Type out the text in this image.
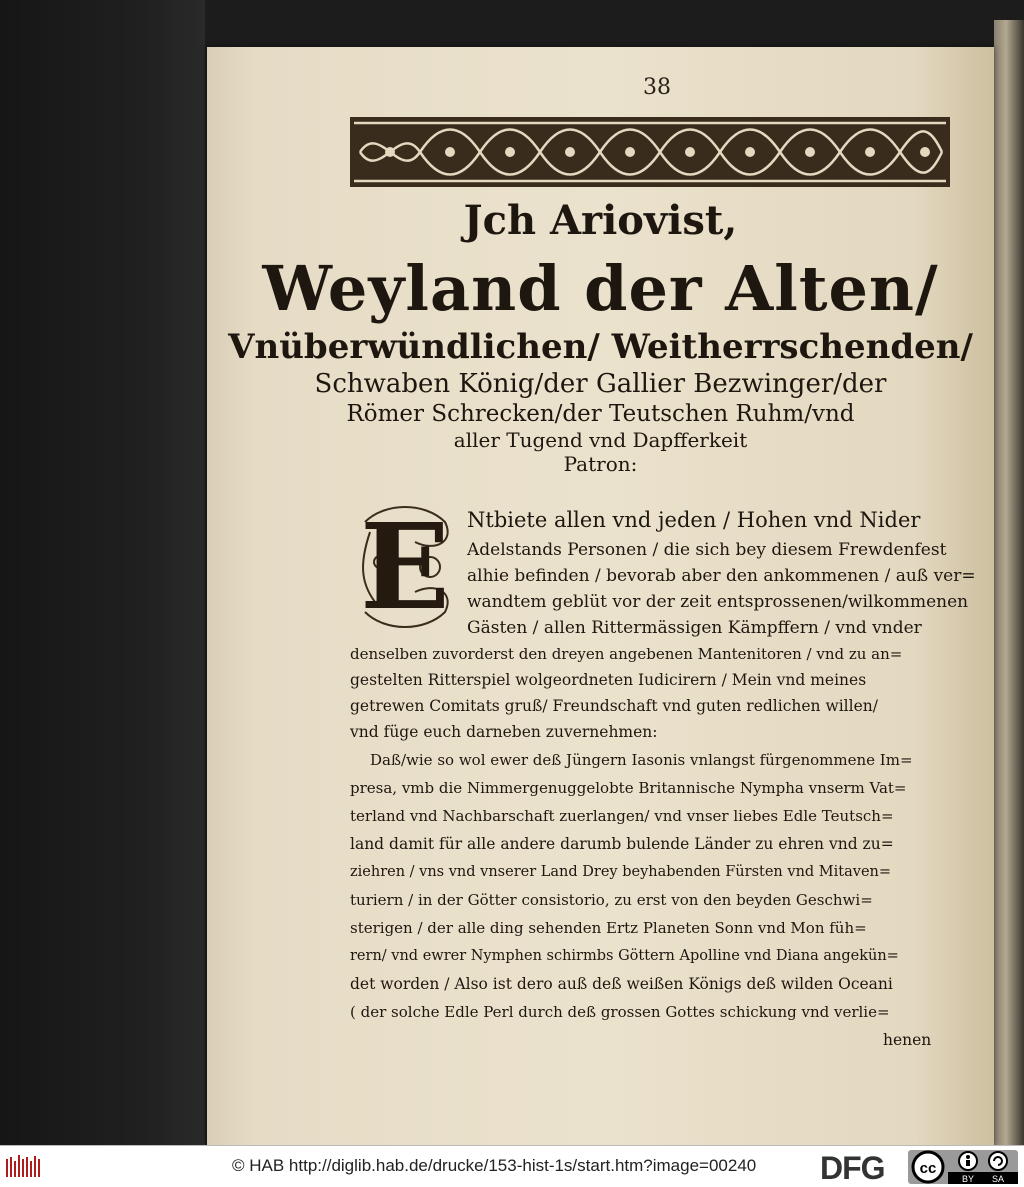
38
Jch Ariovist,
Weyland der Alten/
Vnüberwündlichen/ Weitherrschenden/
Schwaben König/der Gallier Bezwinger/der
Römer Schrecken/der Teutschen Ruhm/vnd
aller Tugend vnd Dapfferkeit
Patron:
E Ntbiete allen vnd jeden / Hohen vnd Nider
Adelstands Personen / die sich bey diesem Frewdenfest
alhie befinden / bevorab aber den ankommenen / auß ver=
wandtem geblüt vor der zeit entsprossenen/wilkommenen
Gästen / allen Rittermässigen Kämpffern / vnd vnder
denselben zuvorderst den dreyen angebenen Mantenitoren / vnd zu an=
gestelten Ritterspiel wolgeordneten Iudicirern / Mein vnd meines
getrewen Comitats gruß/ Freundschaft vnd guten redlichen willen/
vnd füge euch darneben zuvernehmen:
Daß/wie so wol ewer deß Jüngern Iasonis vnlangst fürgenommene Im=
presa, vmb die Nimmergenuggelobte Britannische Nympha vnserm Vat=
terland vnd Nachbarschaft zuerlangen/ vnd vnser liebes Edle Teutsch=
land damit für alle andere darumb bulende Länder zu ehren vnd zu=
ziehren / vns vnd vnserer Land Drey beyhabenden Fürsten vnd Mitaven=
turiern / in der Götter consistorio, zu erst von den beyden Geschwi=
sterigen / der alle ding sehenden Ertz Planeten Sonn vnd Mon füh=
rern/ vnd ewrer Nymphen schirmbs Göttern Apolline vnd Diana angekün=
det worden / Also ist dero auß deß weißen Königs deß wilden Oceani
( der solche Edle Perl durch deß grossen Gottes schickung vnd verlie=
henen
© HAB http://diglib.hab.de/drucke/153-hist-1s/start.htm?image=00240 DFG cc
BY SA
